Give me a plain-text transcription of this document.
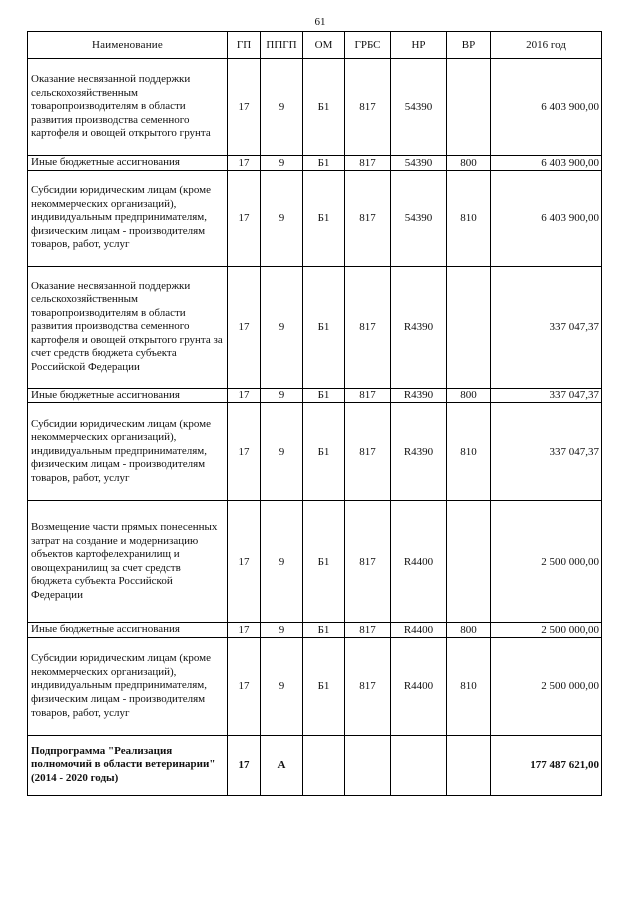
61
Наименование	ГП	ППГП	ОМ	ГРБС	НР	ВР	2016 год
Оказание несвязанной поддержки сельскохозяйственным товаропроизводителям в области развития производства семенного картофеля и овощей открытого грунта	17	9	Б1	817	54390		6 403 900,00
Иные бюджетные ассигнования	17	9	Б1	817	54390	800	6 403 900,00
Субсидии юридическим лицам (кроме некоммерческих организаций), индивидуальным предпринимателям, физическим лицам - производителям товаров, работ, услуг	17	9	Б1	817	54390	810	6 403 900,00
Оказание несвязанной поддержки сельскохозяйственным товаропроизводителям в области развития производства семенного картофеля и овощей открытого грунта за счет средств бюджета субъекта Российской Федерации	17	9	Б1	817	R4390		337 047,37
Иные бюджетные ассигнования	17	9	Б1	817	R4390	800	337 047,37
Субсидии юридическим лицам (кроме некоммерческих организаций), индивидуальным предпринимателям, физическим лицам - производителям товаров, работ, услуг	17	9	Б1	817	R4390	810	337 047,37
Возмещение части прямых понесенных затрат на создание и модернизацию объектов картофелехранилищ и овощехранилищ за счет средств бюджета субъекта Российской Федерации	17	9	Б1	817	R4400		2 500 000,00
Иные бюджетные ассигнования	17	9	Б1	817	R4400	800	2 500 000,00
Субсидии юридическим лицам (кроме некоммерческих организаций), индивидуальным предпринимателям, физическим лицам - производителям товаров, работ, услуг	17	9	Б1	817	R4400	810	2 500 000,00
Подпрограмма "Реализация полномочий в области ветеринарии" (2014 - 2020 годы)	17	А					177 487 621,00
